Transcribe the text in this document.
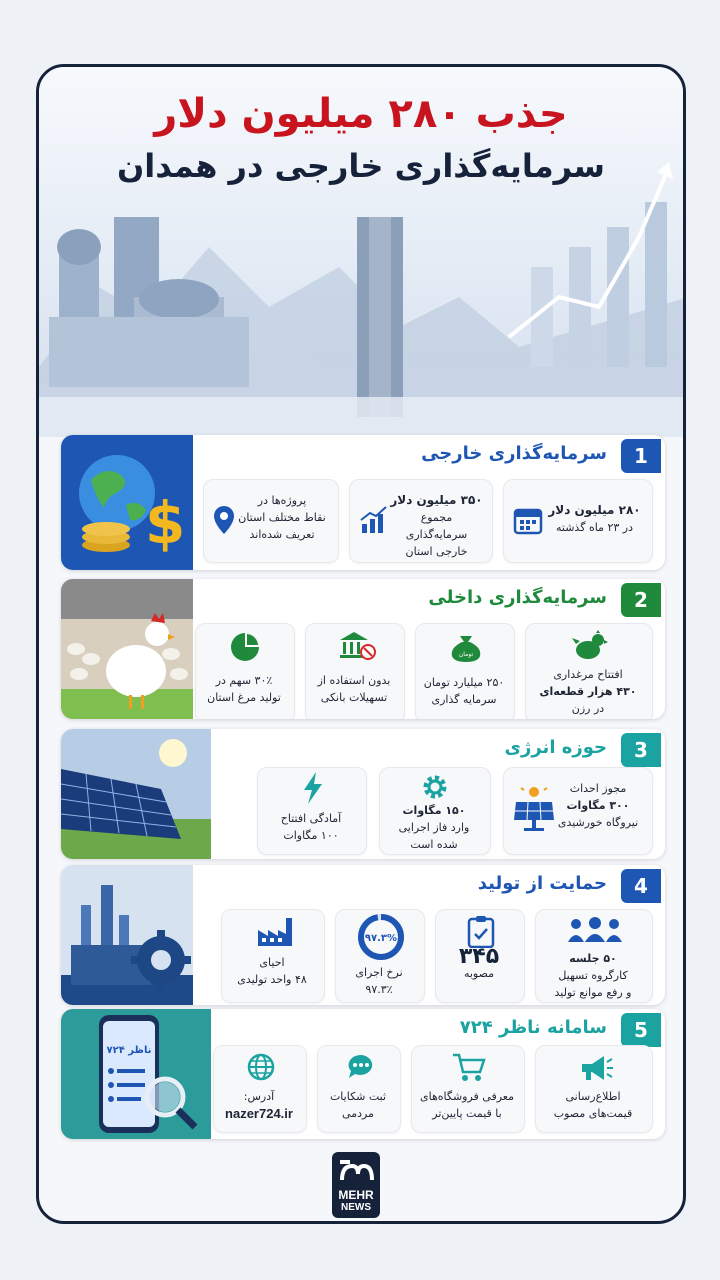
جذب ۲۸۰ میلیون دلار
سرمایه‌گذاری خارجی در همدان
$
1
سرمایه‌گذاری خارجی
۲۸۰ میلیون دلار
در ۲۳ ماه گذشته
۳۵۰ میلیون دلار
مجموع سرمایه‌گذاری
خارجی استان
پروژه‌ها در
نقاط مختلف استان
تعریف شده‌اند
2
سرمایه‌گذاری داخلی
افتتاح مرغداری
۴۳۰ هزار قطعه‌ای
در رزن
تومان
۲۵۰ میلیارد تومان
سرمایه گذاری
بدون استفاده از
تسهیلات بانکی
۳۰٪ سهم در
تولید مرغ استان
3
حوزه انرژی
مجوز احداث
۳۰۰ مگاوات
نیروگاه خورشیدی
۱۵۰ مگاوات
وارد فاز اجرایی
شده است
آمادگی افتتاح
۱۰۰ مگاوات
4
حمایت از تولید
۵۰ جلسه
کارگروه تسهیل
و رفع موانع تولید
۳۴۵
مصوبه
۹۷.۳%
نرخ اجرای
۹۷.۳٪
احیای
۴۸ واحد تولیدی
ناظر ۷۲۴
5
سامانه ناظر ۷۲۴
اطلاع‌رسانی
قیمت‌های مصوب
معرفی فروشگاه‌های
با قیمت پایین‌تر
ثبت شکایات
مردمی
آدرس:
nazer724.ir
MEHR
NEWS
